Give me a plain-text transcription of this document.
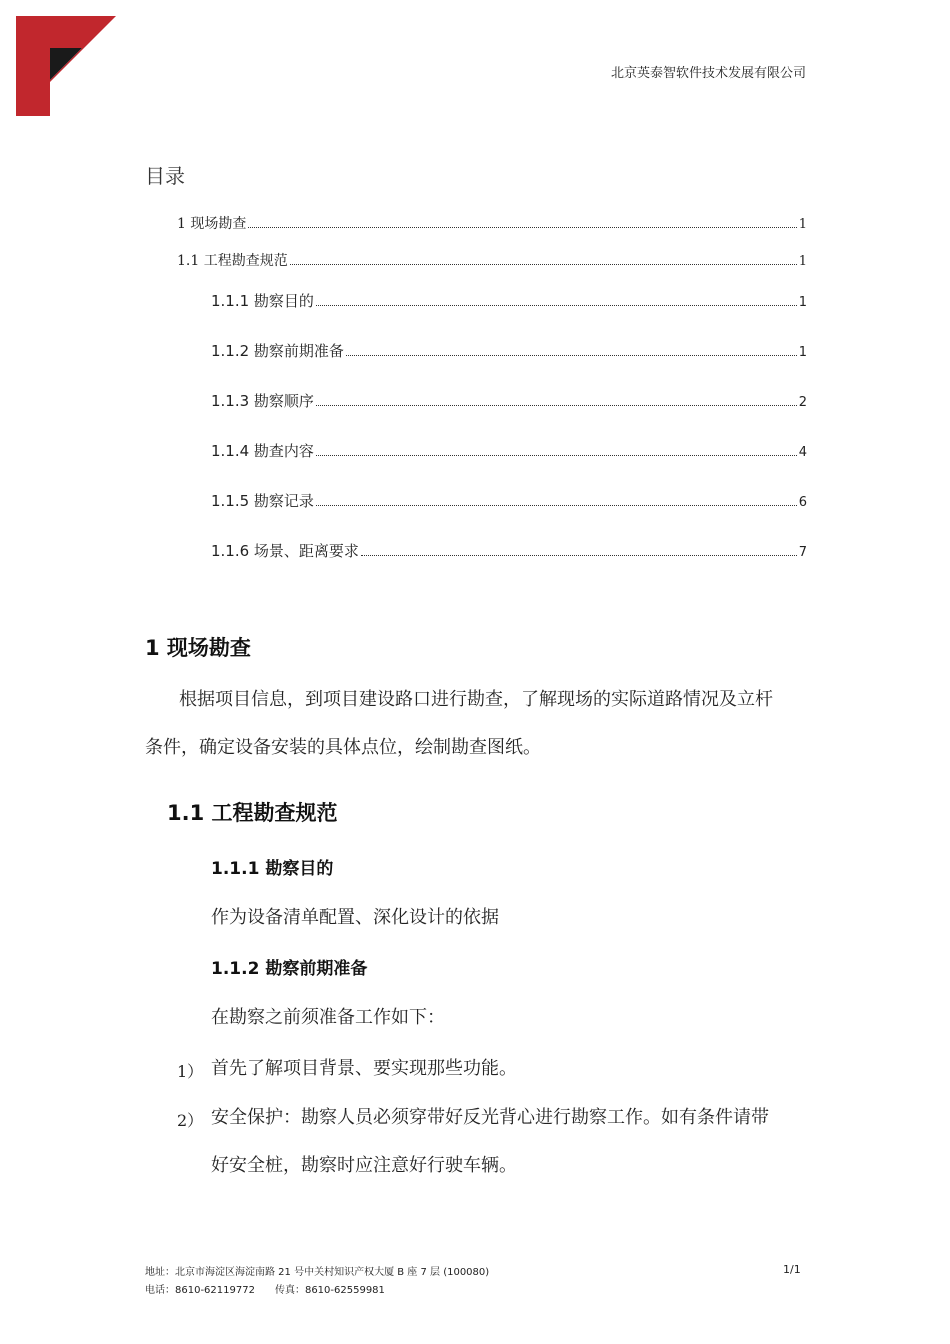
北京英泰智软件技术发展有限公司
目录
1 现场勘查	1
1.1 工程勘查规范	1
1.1.1 勘察目的	1
1.1.2 勘察前期准备	1
1.1.3 勘察顺序	2
1.1.4 勘查内容	4
1.1.5 勘察记录	6
1.1.6 场景、距离要求	7
1 现场勘查
根据项目信息，到项目建设路口进行勘查，了解现场的实际道路情况及立杆
条件，确定设备安装的具体点位，绘制勘查图纸。
1.1 工程勘查规范
1.1.1 勘察目的
作为设备清单配置、深化设计的依据
1.1.2 勘察前期准备
在勘察之前须准备工作如下：
1） 首先了解项目背景、要实现那些功能。
2） 安全保护：勘察人员必须穿带好反光背心进行勘察工作。如有条件请带
好安全桩，勘察时应注意好行驶车辆。
地址：北京市海淀区海淀南路 21 号中关村知识产权大厦 B 座 7 层 (100080)
电话：8610-62119772　　传真：8610-62559981
1/1
